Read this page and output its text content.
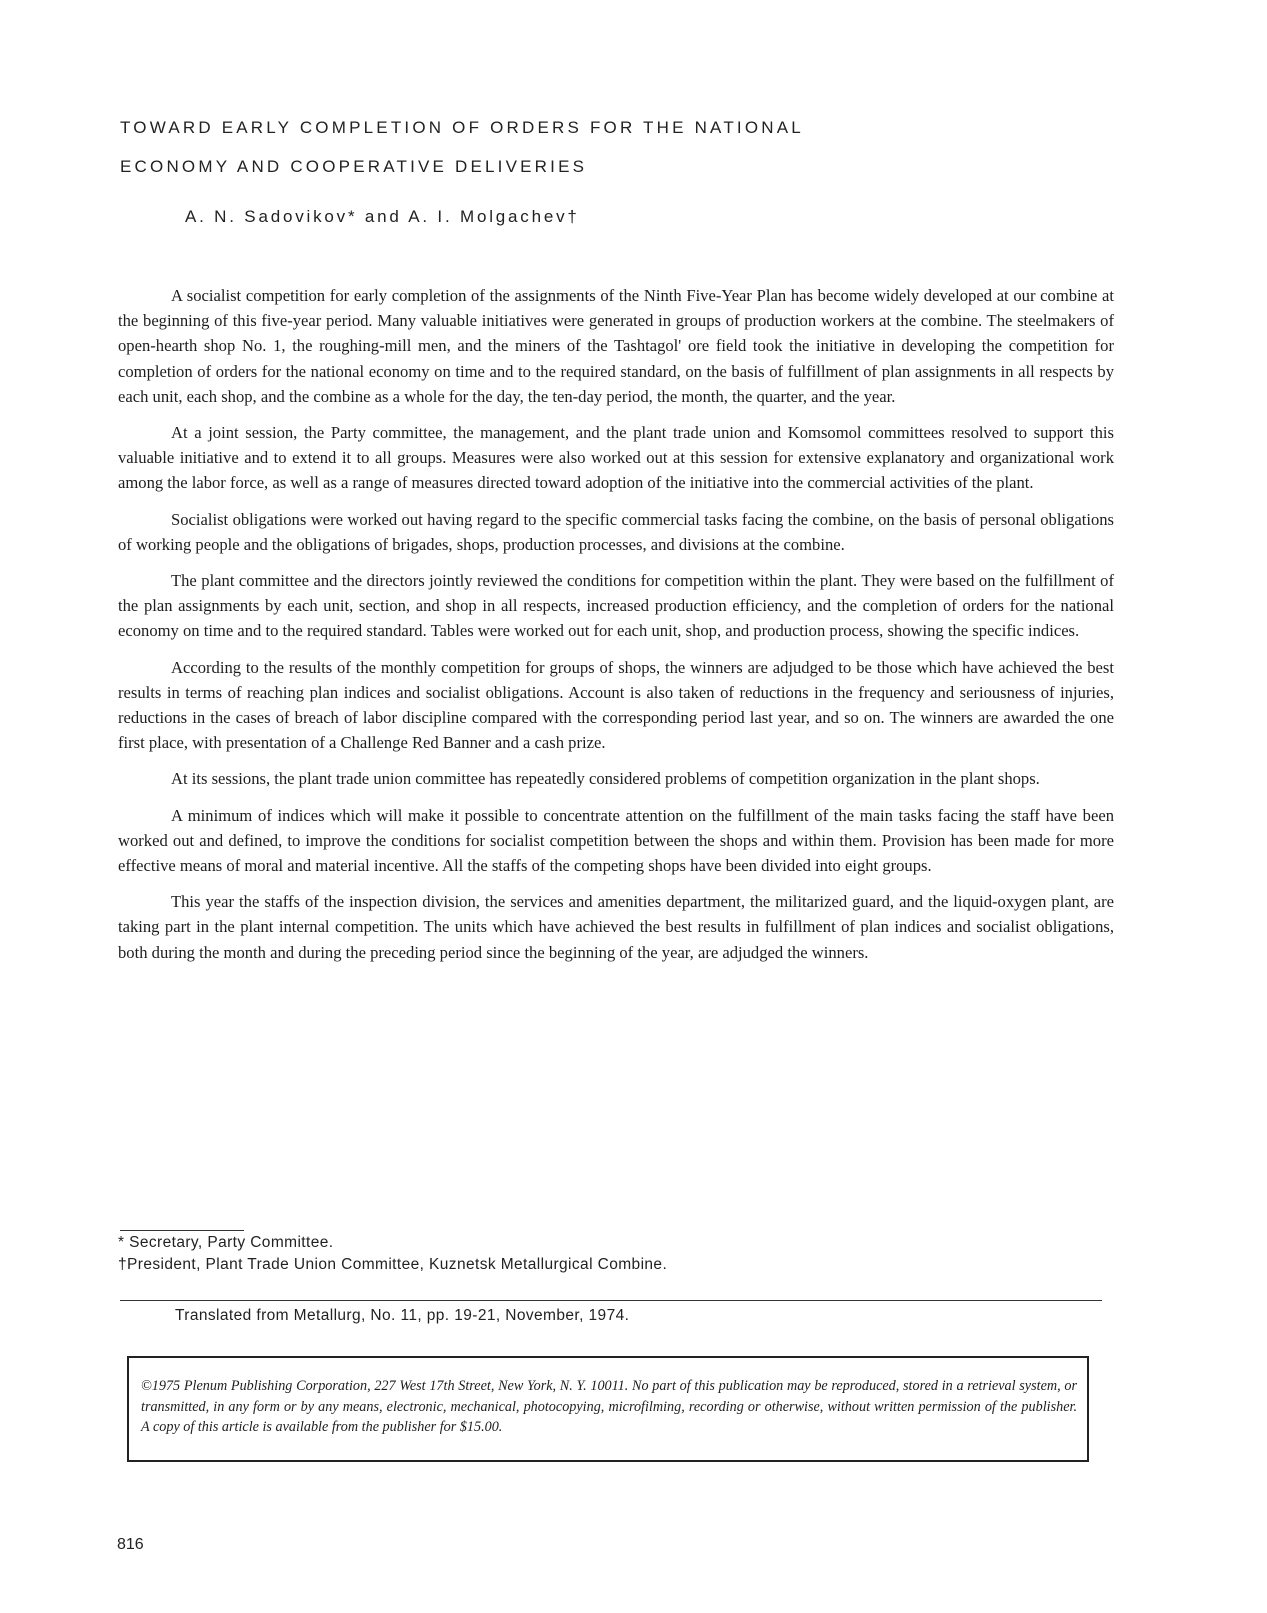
TOWARD EARLY COMPLETION OF ORDERS FOR THE NATIONAL
ECONOMY AND COOPERATIVE DELIVERIES
A. N. Sadovikov* and A. I. Molgachev†

A socialist competition for early completion of the assignments of the Ninth Five-Year Plan has become widely developed at our combine at the beginning of this five-year period. Many valuable initiatives were generated in groups of production workers at the combine. The steelmakers of open-hearth shop No. 1, the roughing-mill men, and the miners of the Tashtagol' ore field took the initiative in developing the competition for completion of orders for the national economy on time and to the required standard, on the basis of fulfillment of plan assignments in all respects by each unit, each shop, and the combine as a whole for the day, the ten-day period, the month, the quarter, and the year.

At a joint session, the Party committee, the management, and the plant trade union and Komsomol committees resolved to support this valuable initiative and to extend it to all groups. Measures were also worked out at this session for extensive explanatory and organizational work among the labor force, as well as a range of measures directed toward adoption of the initiative into the commercial activities of the plant.

Socialist obligations were worked out having regard to the specific commercial tasks facing the combine, on the basis of personal obligations of working people and the obligations of brigades, shops, production processes, and divisions at the combine.

The plant committee and the directors jointly reviewed the conditions for competition within the plant. They were based on the fulfillment of the plan assignments by each unit, section, and shop in all respects, increased production efficiency, and the completion of orders for the national economy on time and to the required standard. Tables were worked out for each unit, shop, and production process, showing the specific indices.

According to the results of the monthly competition for groups of shops, the winners are adjudged to be those which have achieved the best results in terms of reaching plan indices and socialist obligations. Account is also taken of reductions in the frequency and seriousness of injuries, reductions in the cases of breach of labor discipline compared with the corresponding period last year, and so on. The winners are awarded the one first place, with presentation of a Challenge Red Banner and a cash prize.

At its sessions, the plant trade union committee has repeatedly considered problems of competition organization in the plant shops.

A minimum of indices which will make it possible to concentrate attention on the fulfillment of the main tasks facing the staff have been worked out and defined, to improve the conditions for socialist competition between the shops and within them. Provision has been made for more effective means of moral and material incentive. All the staffs of the competing shops have been divided into eight groups.

This year the staffs of the inspection division, the services and amenities department, the militarized guard, and the liquid-oxygen plant, are taking part in the plant internal competition. The units which have achieved the best results in fulfillment of plan indices and socialist obligations, both during the month and during the preceding period since the beginning of the year, are adjudged the winners.

* Secretary, Party Committee.
†President, Plant Trade Union Committee, Kuznetsk Metallurgical Combine.
Translated from Metallurg, No. 11, pp. 19-21, November, 1974.

©1975 Plenum Publishing Corporation, 227 West 17th Street, New York, N. Y. 10011. No part of this publication may be reproduced, stored in a retrieval system, or transmitted, in any form or by any means, electronic, mechanical, photocopying, microfilming, recording or otherwise, without written permission of the publisher. A copy of this article is available from the publisher for $15.00.

816
